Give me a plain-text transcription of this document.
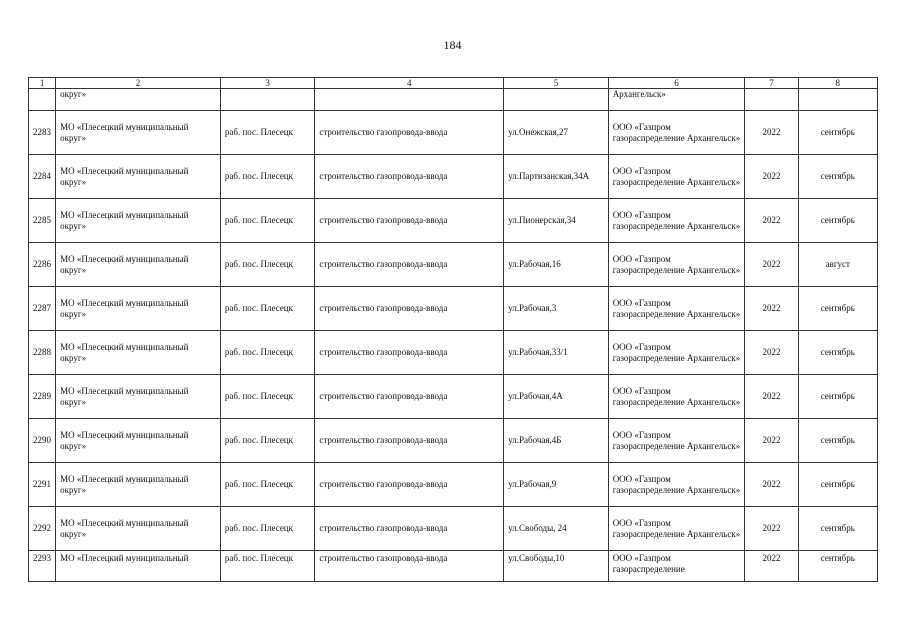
184
1	2	3	4	5	6	7	8
	округ»				Архангельск»		
2283	МО «Плесецкий муниципальный округ»	раб. пос. Плесецк	строительство газопровода-ввода	ул.Онежская,27	ООО «Газпром газораспределение Архангельск»	2022	сентябрь
2284	МО «Плесецкий муниципальный округ»	раб. пос. Плесецк	строительство газопровода-ввода	ул.Партизанская,34А	ООО «Газпром газораспределение Архангельск»	2022	сентябрь
2285	МО «Плесецкий муниципальный округ»	раб. пос. Плесецк	строительство газопровода-ввода	ул.Пионерская,34	ООО «Газпром газораспределение Архангельск»	2022	сентябрь
2286	МО «Плесецкий муниципальный округ»	раб. пос. Плесецк	строительство газопровода-ввода	ул.Рабочая,16	ООО «Газпром газораспределение Архангельск»	2022	август
2287	МО «Плесецкий муниципальный округ»	раб. пос. Плесецк	строительство газопровода-ввода	ул.Рабочая,3	ООО «Газпром газораспределение Архангельск»	2022	сентябрь
2288	МО «Плесецкий муниципальный округ»	раб. пос. Плесецк	строительство газопровода-ввода	ул.Рабочая,33/1	ООО «Газпром газораспределение Архангельск»	2022	сентябрь
2289	МО «Плесецкий муниципальный округ»	раб. пос. Плесецк	строительство газопровода-ввода	ул.Рабочая,4А	ООО «Газпром газораспределение Архангельск»	2022	сентябрь
2290	МО «Плесецкий муниципальный округ»	раб. пос. Плесецк	строительство газопровода-ввода	ул.Рабочая,4Б	ООО «Газпром газораспределение Архангельск»	2022	сентябрь
2291	МО «Плесецкий муниципальный округ»	раб. пос. Плесецк	строительство газопровода-ввода	ул.Рабочая,9	ООО «Газпром газораспределение Архангельск»	2022	сентябрь
2292	МО «Плесецкий муниципальный округ»	раб. пос. Плесецк	строительство газопровода-ввода	ул.Свободы, 24	ООО «Газпром газораспределение Архангельск»	2022	сентябрь
2293	МО «Плесецкий муниципальный	раб. пос. Плесецк	строительство газопровода-ввода	ул.Свободы,10	ООО «Газпром газораспределение	2022	сентябрь
